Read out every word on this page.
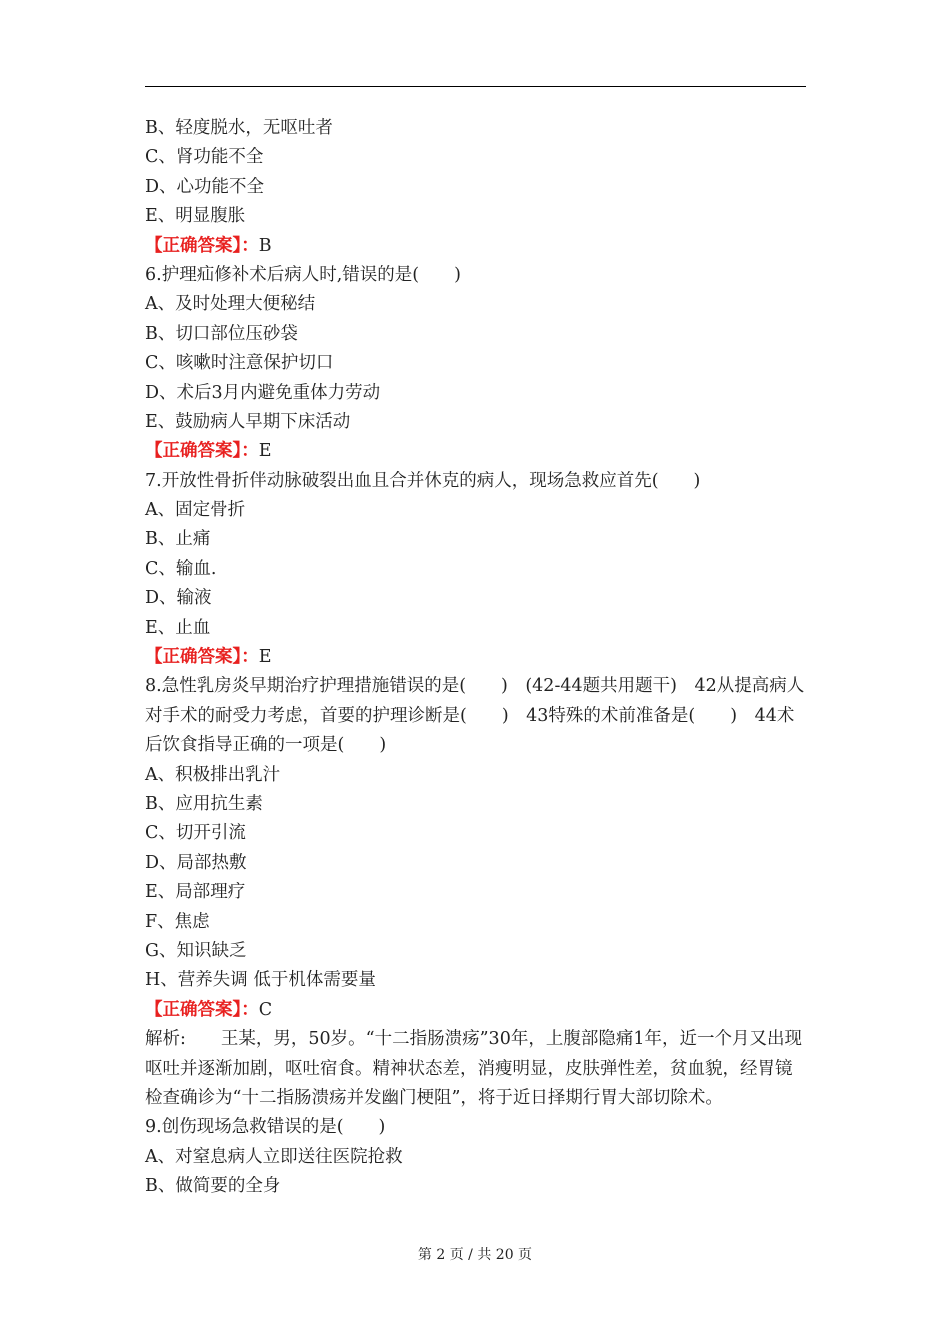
B、轻度脱水，无呕吐者
C、肾功能不全
D、心功能不全
E、明显腹胀
【正确答案】：B
6.护理疝修补术后病人时,错误的是(　　)
A、及时处理大便秘结
B、切口部位压砂袋
C、咳嗽时注意保护切口
D、术后3月内避免重体力劳动
E、鼓励病人早期下床活动
【正确答案】：E
7.开放性骨折伴动脉破裂出血且合并休克的病人，现场急救应首先(　　)
A、固定骨折
B、止痛
C、输血.
D、输液
E、止血
【正确答案】：E
8.急性乳房炎早期治疗护理措施错误的是(　　)　(42-44题共用题干)　42从提高病人对手术的耐受力考虑，首要的护理诊断是(　　)　43特殊的术前准备是(　　)　44术后饮食指导正确的一项是(　　)
A、积极排出乳汁
B、应用抗生素
C、切开引流
D、局部热敷
E、局部理疗
F、焦虑
G、知识缺乏
H、营养失调 低于机体需要量
【正确答案】：C
解析:　　王某，男，50岁。“十二指肠溃疡”30年，上腹部隐痛1年，近一个月又出现呕吐并逐渐加剧，呕吐宿食。精神状态差，消瘦明显，皮肤弹性差，贫血貌，经胃镜检查确诊为“十二指肠溃疡并发幽门梗阻”，将于近日择期行胃大部切除术。
9.创伤现场急救错误的是(　　)
A、对窒息病人立即送往医院抢救
B、做简要的全身
第 2 页 / 共 20 页
